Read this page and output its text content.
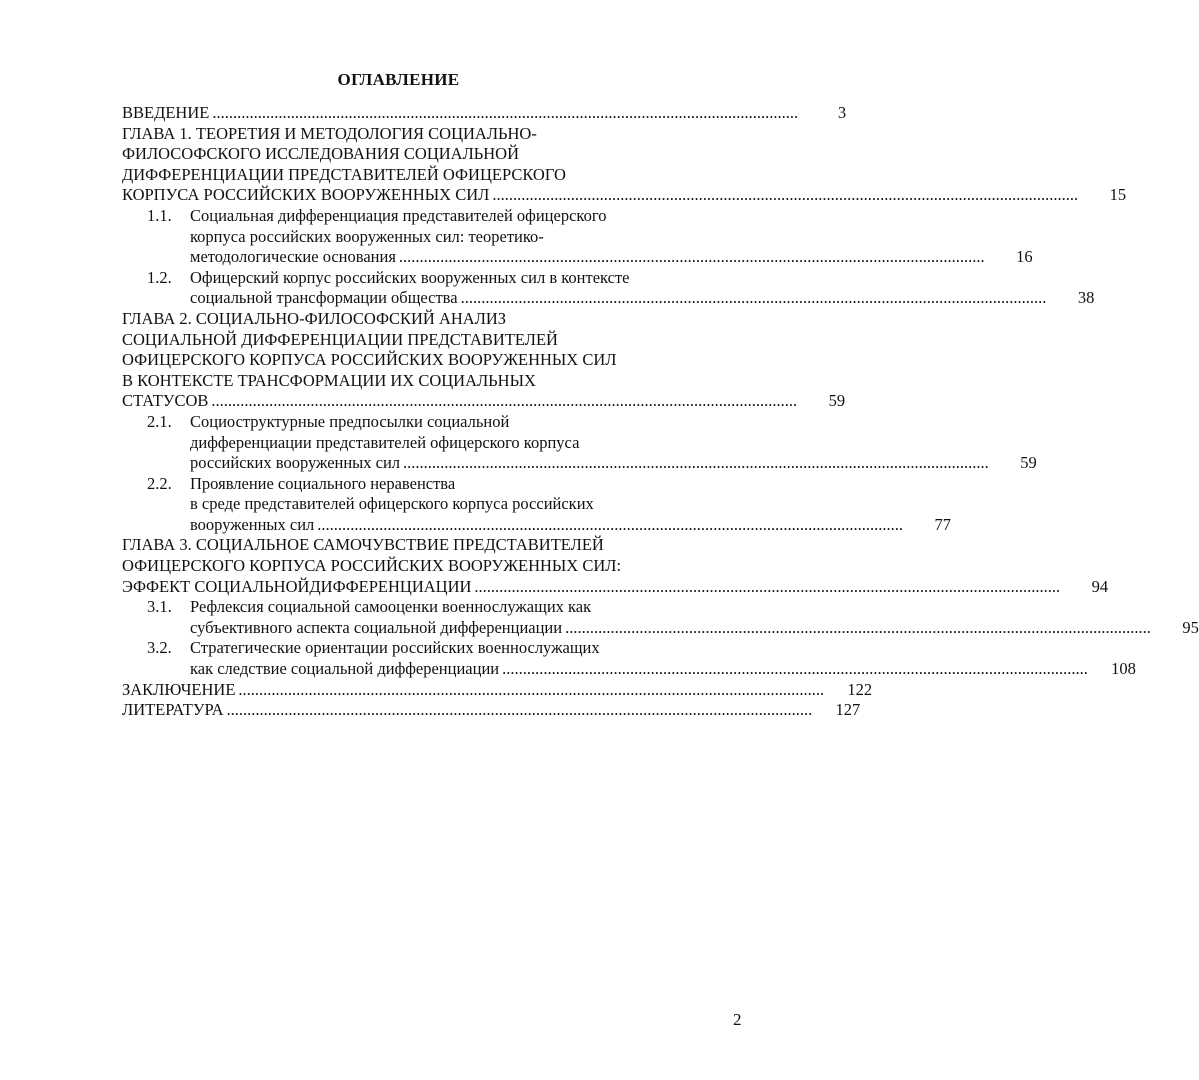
ОГЛАВЛЕНИЕ
ВВЕДЕНИЕ ..............................................................................................................................................	3
ГЛАВА 1. ТЕОРЕТИЯ И МЕТОДОЛОГИЯ СОЦИАЛЬНО-
ФИЛОСОФСКОГО ИССЛЕДОВАНИЯ СОЦИАЛЬНОЙ
ДИФФЕРЕНЦИАЦИИ ПРЕДСТАВИТЕЛЕЙ ОФИЦЕРСКОГО
КОРПУСА РОССИЙСКИХ ВООРУЖЕННЫХ СИЛ ..............................................................................................................................................	15
1.1. Социальная дифференциация представителей офицерского
корпуса российских вооруженных сил: теоретико-
методологические основания ..............................................................................................................................................	16
1.2. Офицерский корпус российских вооруженных сил в контексте
социальной трансформации общества ..............................................................................................................................................	38
ГЛАВА 2. СОЦИАЛЬНО-ФИЛОСОФСКИЙ АНАЛИЗ
СОЦИАЛЬНОЙ ДИФФЕРЕНЦИАЦИИ ПРЕДСТАВИТЕЛЕЙ
ОФИЦЕРСКОГО КОРПУСА РОССИЙСКИХ ВООРУЖЕННЫХ СИЛ
В КОНТЕКСТЕ ТРАНСФОРМАЦИИ ИХ СОЦИАЛЬНЫХ
СТАТУСОВ ..............................................................................................................................................	59
2.1. Социоструктурные предпосылки социальной
дифференциации представителей офицерского корпуса
российских вооруженных сил ..............................................................................................................................................	59
2.2. Проявление социального неравенства
в среде представителей офицерского корпуса российских
вооруженных сил ..............................................................................................................................................	77
ГЛАВА 3. СОЦИАЛЬНОЕ САМОЧУВСТВИЕ ПРЕДСТАВИТЕЛЕЙ
ОФИЦЕРСКОГО КОРПУСА РОССИЙСКИХ ВООРУЖЕННЫХ СИЛ:
ЭФФЕКТ СОЦИАЛЬНОЙДИФФЕРЕНЦИАЦИИ ..............................................................................................................................................	94
3.1. Рефлексия социальной самооценки военнослужащих как
субъективного аспекта социальной дифференциации ..............................................................................................................................................	95
3.2. Стратегические ориентации российских военнослужащих
как следствие социальной дифференциации ..............................................................................................................................................	108
ЗАКЛЮЧЕНИЕ ..............................................................................................................................................	122
ЛИТЕРАТУРА ..............................................................................................................................................	127
2
